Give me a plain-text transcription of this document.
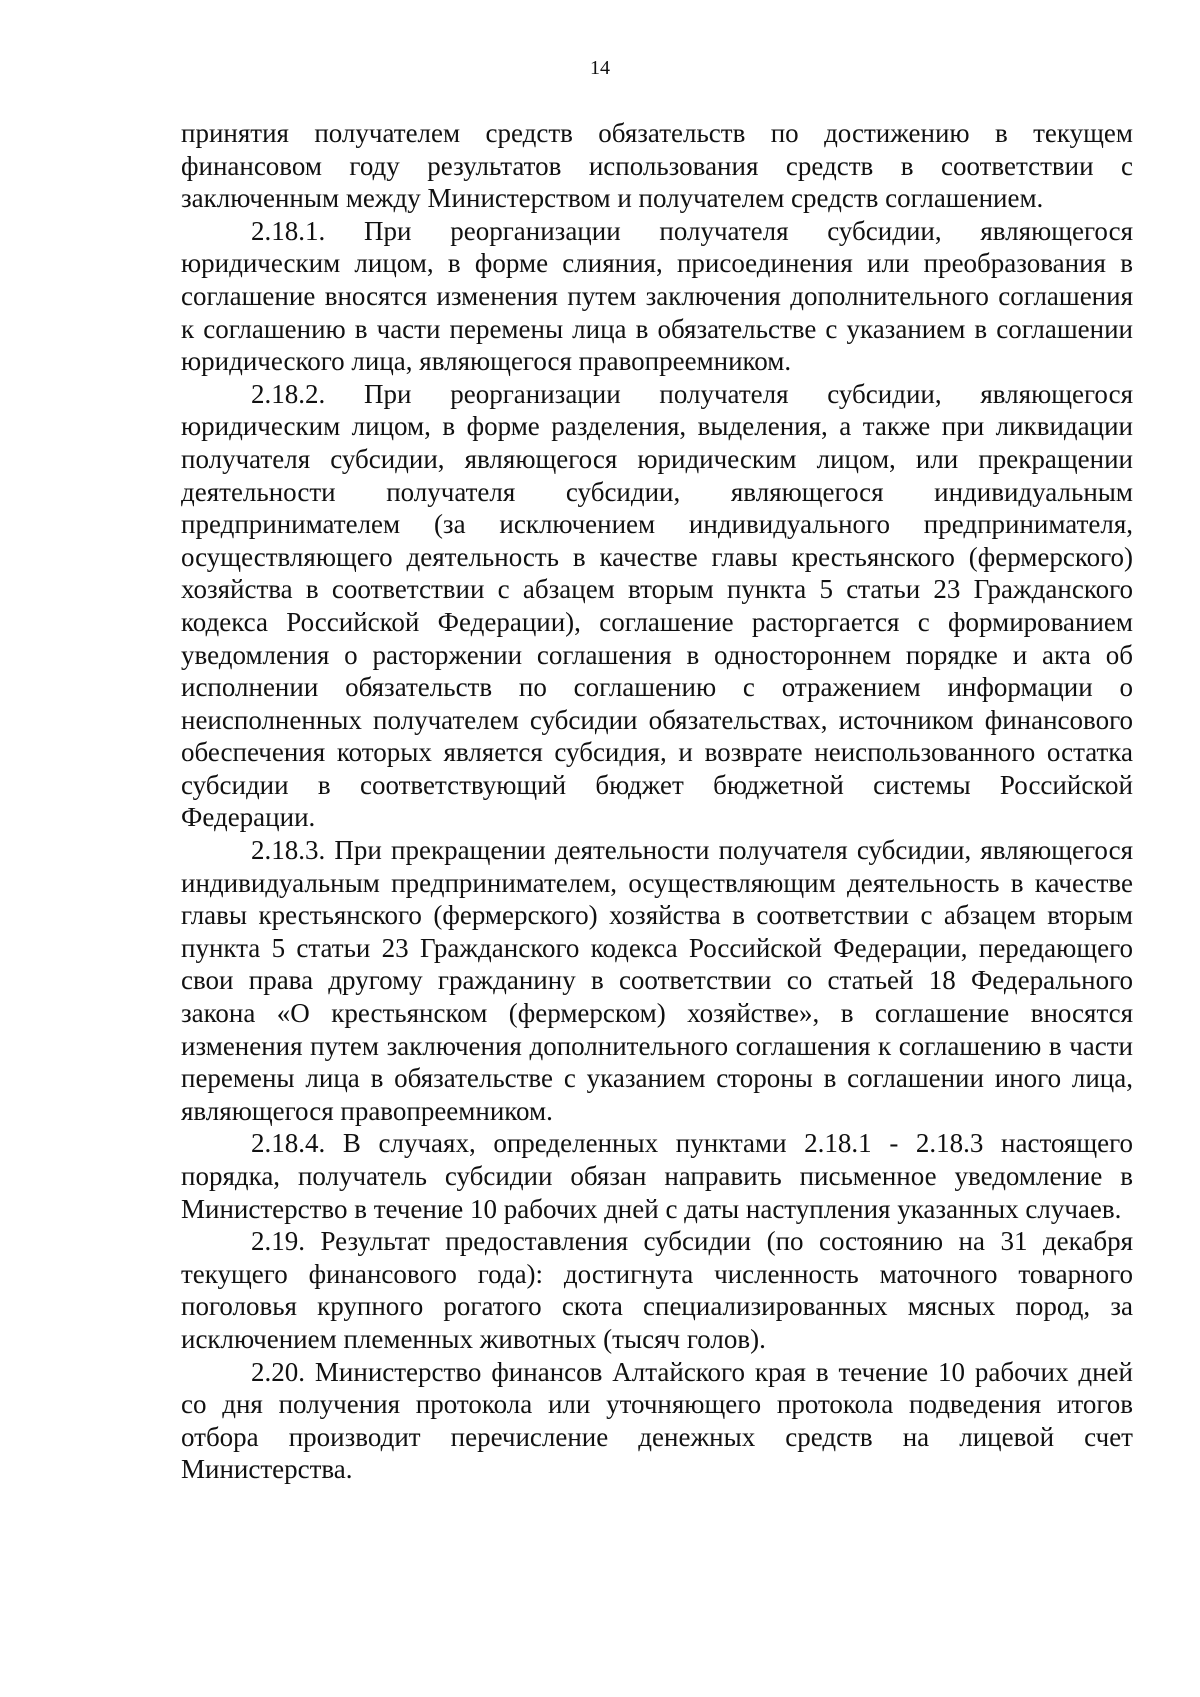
14

принятия получателем средств обязательств по достижению в текущем финансовом году результатов использования средств в соответствии с заключенным между Министерством и получателем средств соглашением.

2.18.1. При реорганизации получателя субсидии, являющегося юридическим лицом, в форме слияния, присоединения или преобразования в соглашение вносятся изменения путем заключения дополнительного соглашения к соглашению в части перемены лица в обязательстве с указанием в соглашении юридического лица, являющегося правопреемником.

2.18.2. При реорганизации получателя субсидии, являющегося юридическим лицом, в форме разделения, выделения, а также при ликвидации получателя субсидии, являющегося юридическим лицом, или прекращении деятельности получателя субсидии, являющегося индивидуальным предпринимателем (за исключением индивидуального предпринимателя, осуществляющего деятельность в качестве главы крестьянского (фермерского) хозяйства в соответствии с абзацем вторым пункта 5 статьи 23 Гражданского кодекса Российской Федерации), соглашение расторгается с формированием уведомления о расторжении соглашения в одностороннем порядке и акта об исполнении обязательств по соглашению с отражением информации о неисполненных получателем субсидии обязательствах, источником финансового обеспечения которых является субсидия, и возврате неиспользованного остатка субсидии в соответствующий бюджет бюджетной системы Российской Федерации.

2.18.3. При прекращении деятельности получателя субсидии, являющегося индивидуальным предпринимателем, осуществляющим деятельность в качестве главы крестьянского (фермерского) хозяйства в соответствии с абзацем вторым пункта 5 статьи 23 Гражданского кодекса Российской Федерации, передающего свои права другому гражданину в соответствии со статьей 18 Федерального закона «О крестьянском (фермерском) хозяйстве», в соглашение вносятся изменения путем заключения дополнительного соглашения к соглашению в части перемены лица в обязательстве с указанием стороны в соглашении иного лица, являющегося правопреемником.

2.18.4. В случаях, определенных пунктами 2.18.1 - 2.18.3 настоящего порядка, получатель субсидии обязан направить письменное уведомление в Министерство в течение 10 рабочих дней с даты наступления указанных случаев.

2.19. Результат предоставления субсидии (по состоянию на 31 декабря текущего финансового года): достигнута численность маточного товарного поголовья крупного рогатого скота специализированных мясных пород, за исключением племенных животных (тысяч голов).

2.20. Министерство финансов Алтайского края в течение 10 рабочих дней со дня получения протокола или уточняющего протокола подведения итогов отбора производит перечисление денежных средств на лицевой счет Министерства.
